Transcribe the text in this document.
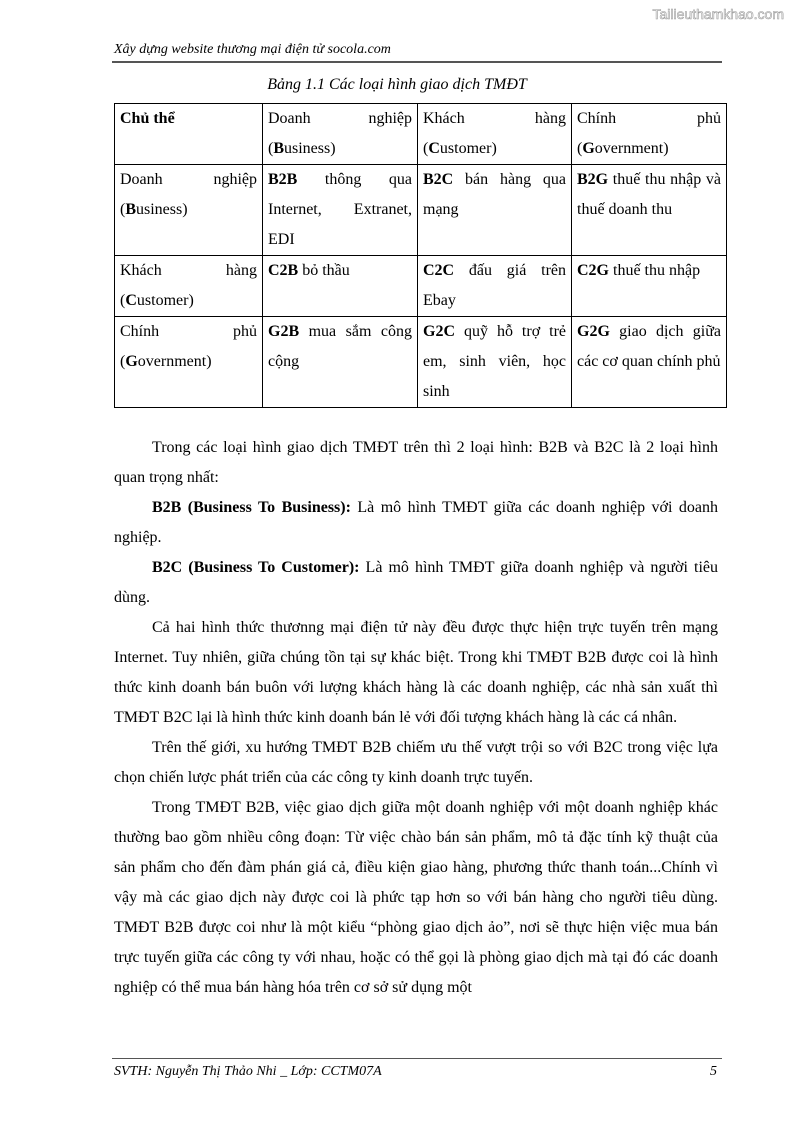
Tailieuthamkhao.com
Xây dựng website thương mại điện tử socola.com
Bảng 1.1 Các loại hình giao dịch TMĐT
Chủ thể	Doanh nghiệp (Business)	Khách hàng (Customer)	Chính phủ (Government)
Doanh nghiệp (Business)	B2B thông qua Internet, Extranet, EDI	B2C bán hàng qua mạng	B2G thuế thu nhập và thuế doanh thu
Khách hàng (Customer)	C2B bỏ thầu	C2C đấu giá trên Ebay	C2G thuế thu nhập
Chính phủ (Government)	G2B mua sắm công cộng	G2C quỹ hỗ trợ trẻ em, sinh viên, học sinh	G2G giao dịch giữa các cơ quan chính phủ

Trong các loại hình giao dịch TMĐT trên thì 2 loại hình: B2B và B2C là 2 loại hình quan trọng nhất:

B2B (Business To Business): Là mô hình TMĐT giữa các doanh nghiệp với doanh nghiệp.

B2C (Business To Customer): Là mô hình TMĐT giữa doanh nghiệp và người tiêu dùng.

Cả hai hình thức thươnng mại điện tử này đều được thực hiện trực tuyến trên mạng Internet. Tuy nhiên, giữa chúng tồn tại sự khác biệt. Trong khi TMĐT B2B được coi là hình thức kinh doanh bán buôn với lượng khách hàng là các doanh nghiệp, các nhà sản xuất thì TMĐT B2C lại là hình thức kinh doanh bán lẻ với đối tượng khách hàng là các cá nhân.

Trên thế giới, xu hướng TMĐT B2B chiếm ưu thế vượt trội so với B2C trong việc lựa chọn chiến lược phát triển của các công ty kinh doanh trực tuyến.

Trong TMĐT B2B, việc giao dịch giữa một doanh nghiệp với một doanh nghiệp khác thường bao gồm nhiều công đoạn: Từ việc chào bán sản phẩm, mô tả đặc tính kỹ thuật của sản phẩm cho đến đàm phán giá cả, điều kiện giao hàng, phương thức thanh toán...Chính vì vậy mà các giao dịch này được coi là phức tạp hơn so với bán hàng cho người tiêu dùng. TMĐT B2B được coi như là một kiểu “phòng giao dịch ảo”, nơi sẽ thực hiện việc mua bán trực tuyến giữa các công ty với nhau, hoặc có thể gọi là phòng giao dịch mà tại đó các doanh nghiệp có thể mua bán hàng hóa trên cơ sở sử dụng một

SVTH: Nguyễn Thị Thảo Nhi _ Lớp: CCTM07A	5
